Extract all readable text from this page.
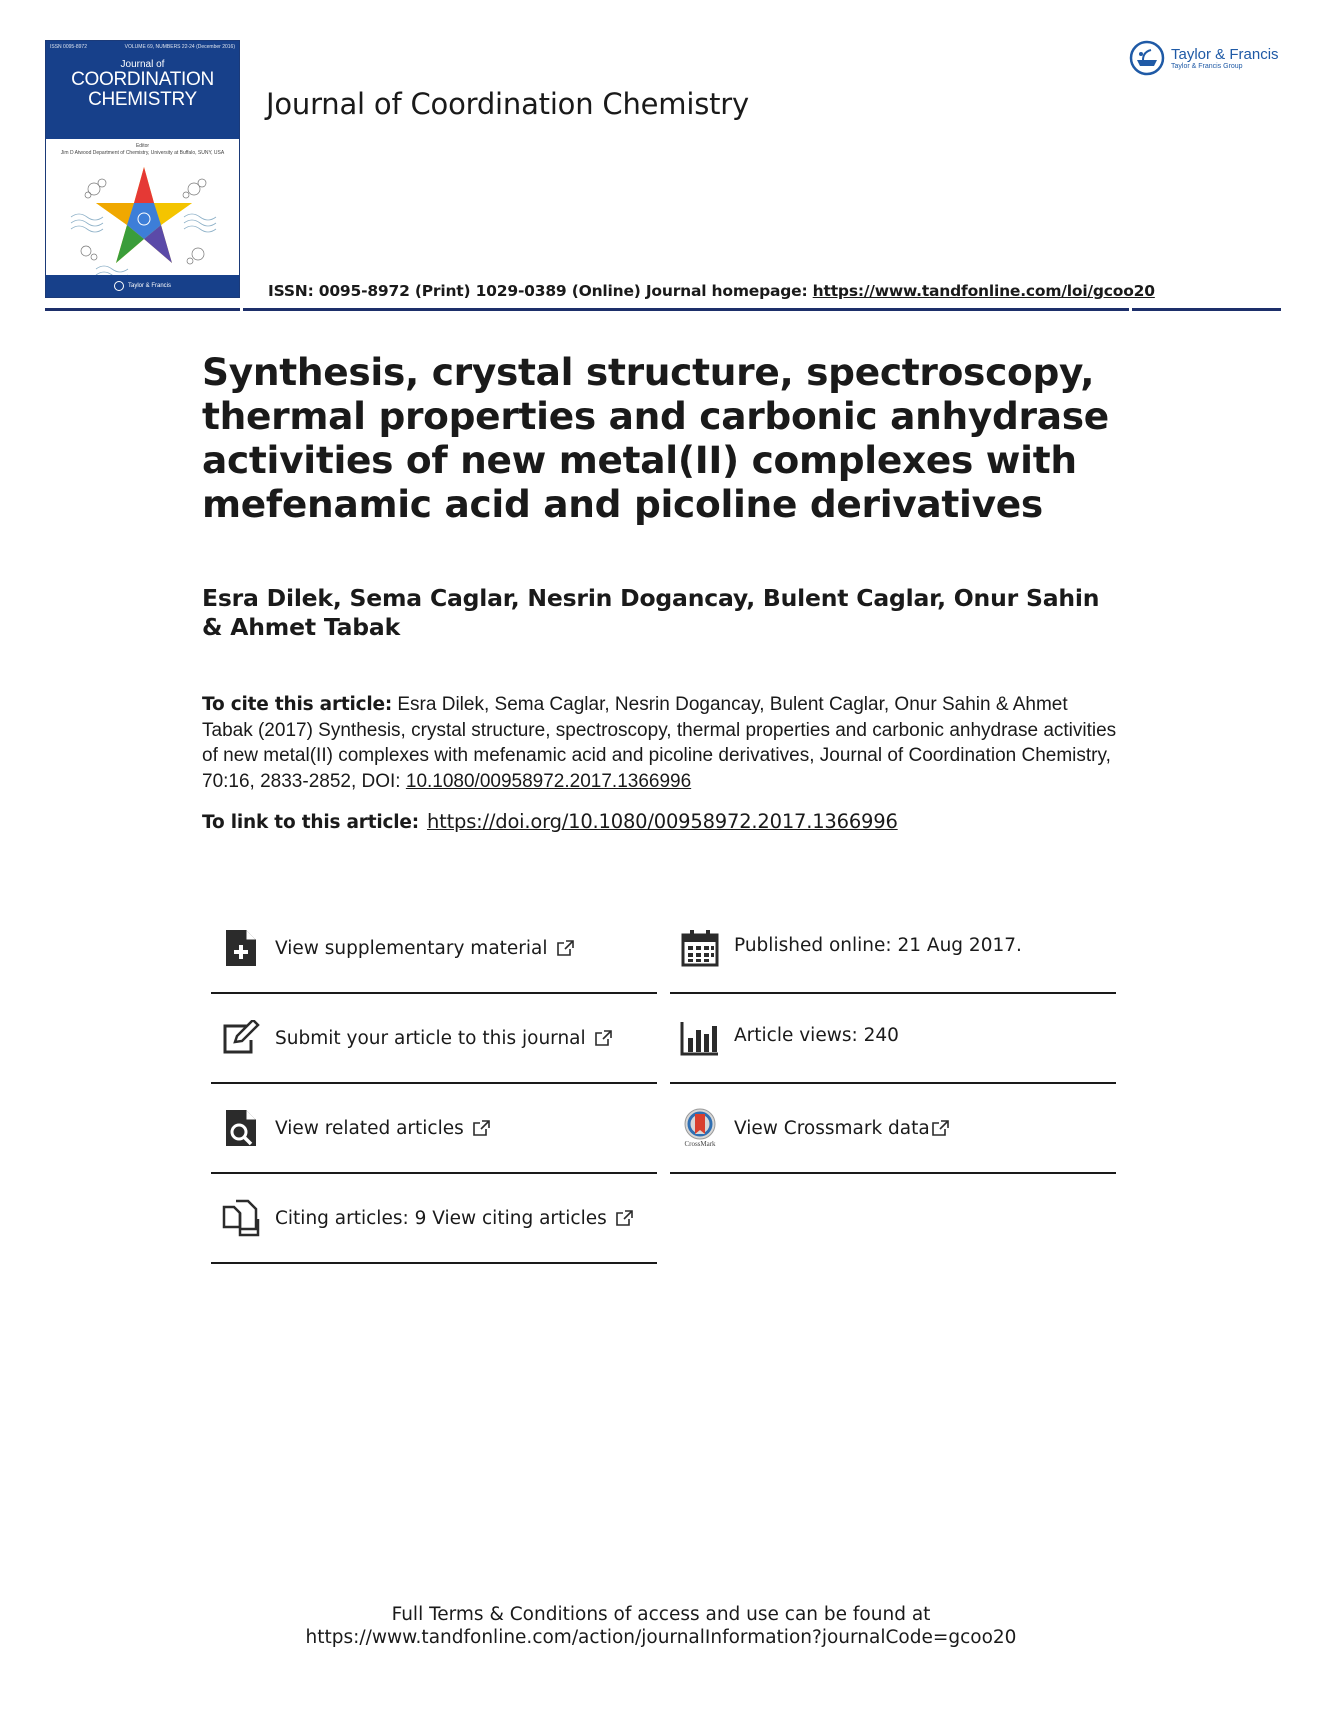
ISSN 0095-8972	VOLUME 69, NUMBERS 22-24 (December 2016)
Journal of
COORDINATION
CHEMISTRY
Editor
Jim D Atwood Department of Chemistry, University at Buffalo, SUNY, USA
Taylor & Francis
Journal of Coordination Chemistry
Taylor & Francis
Taylor & Francis Group
ISSN: 0095-8972 (Print) 1029-0389 (Online) Journal homepage: https://www.tandfonline.com/loi/gcoo20
Synthesis, crystal structure, spectroscopy, thermal properties and carbonic anhydrase activities of new metal(II) complexes with mefenamic acid and picoline derivatives
Esra Dilek, Sema Caglar, Nesrin Dogancay, Bulent Caglar, Onur Sahin & Ahmet Tabak
To cite this article: Esra Dilek, Sema Caglar, Nesrin Dogancay, Bulent Caglar, Onur Sahin & Ahmet Tabak (2017) Synthesis, crystal structure, spectroscopy, thermal properties and carbonic anhydrase activities of new metal(II) complexes with mefenamic acid and picoline derivatives, Journal of Coordination Chemistry, 70:16, 2833-2852, DOI: 10.1080/00958972.2017.1366996
To link to this article: https://doi.org/10.1080/00958972.2017.1366996
View supplementary material
Submit your article to this journal
View related articles
Citing articles: 9 View citing articles
Published online: 21 Aug 2017.
Article views: 240
CrossMark
View Crossmark data
Full Terms & Conditions of access and use can be found at
https://www.tandfonline.com/action/journalInformation?journalCode=gcoo20
